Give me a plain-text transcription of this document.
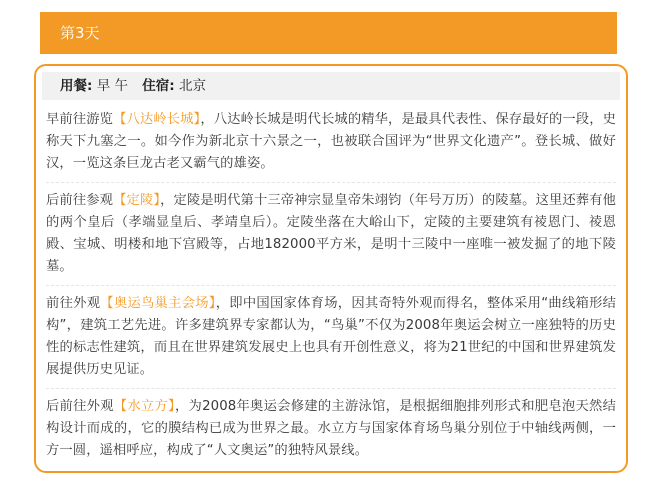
第3天
用餐: 早 午 住宿: 北京

早前往游览【八达岭长城】，八达岭长城是明代长城的精华，是最具代表性、保存最好的一段，史称天下九塞之一。如今作为新北京十六景之一，也被联合国评为“世界文化遗产”。登长城、做好汉，一览这条巨龙古老又霸气的雄姿。

后前往参观【定陵】，定陵是明代第十三帝神宗显皇帝朱翊钧（年号万历）的陵墓。这里还葬有他的两个皇后（孝端显皇后、孝靖皇后）。定陵坐落在大峪山下，定陵的主要建筑有祾恩门、祾恩殿、宝城、明楼和地下宫殿等，占地182000平方米，是明十三陵中一座唯一被发掘了的地下陵墓。

前往外观【奥运鸟巢主会场】，即中国国家体育场，因其奇特外观而得名，整体采用“曲线箱形结构”，建筑工艺先进。许多建筑界专家都认为，“鸟巢”不仅为2008年奥运会树立一座独特的历史性的标志性建筑，而且在世界建筑发展史上也具有开创性意义，将为21世纪的中国和世界建筑发展提供历史见证。

后前往外观【水立方】，为2008年奥运会修建的主游泳馆，是根据细胞排列形式和肥皂泡天然结构设计而成的，它的膜结构已成为世界之最。水立方与国家体育场鸟巢分别位于中轴线两侧，一方一圆，遥相呼应，构成了“人文奥运”的独特风景线。
